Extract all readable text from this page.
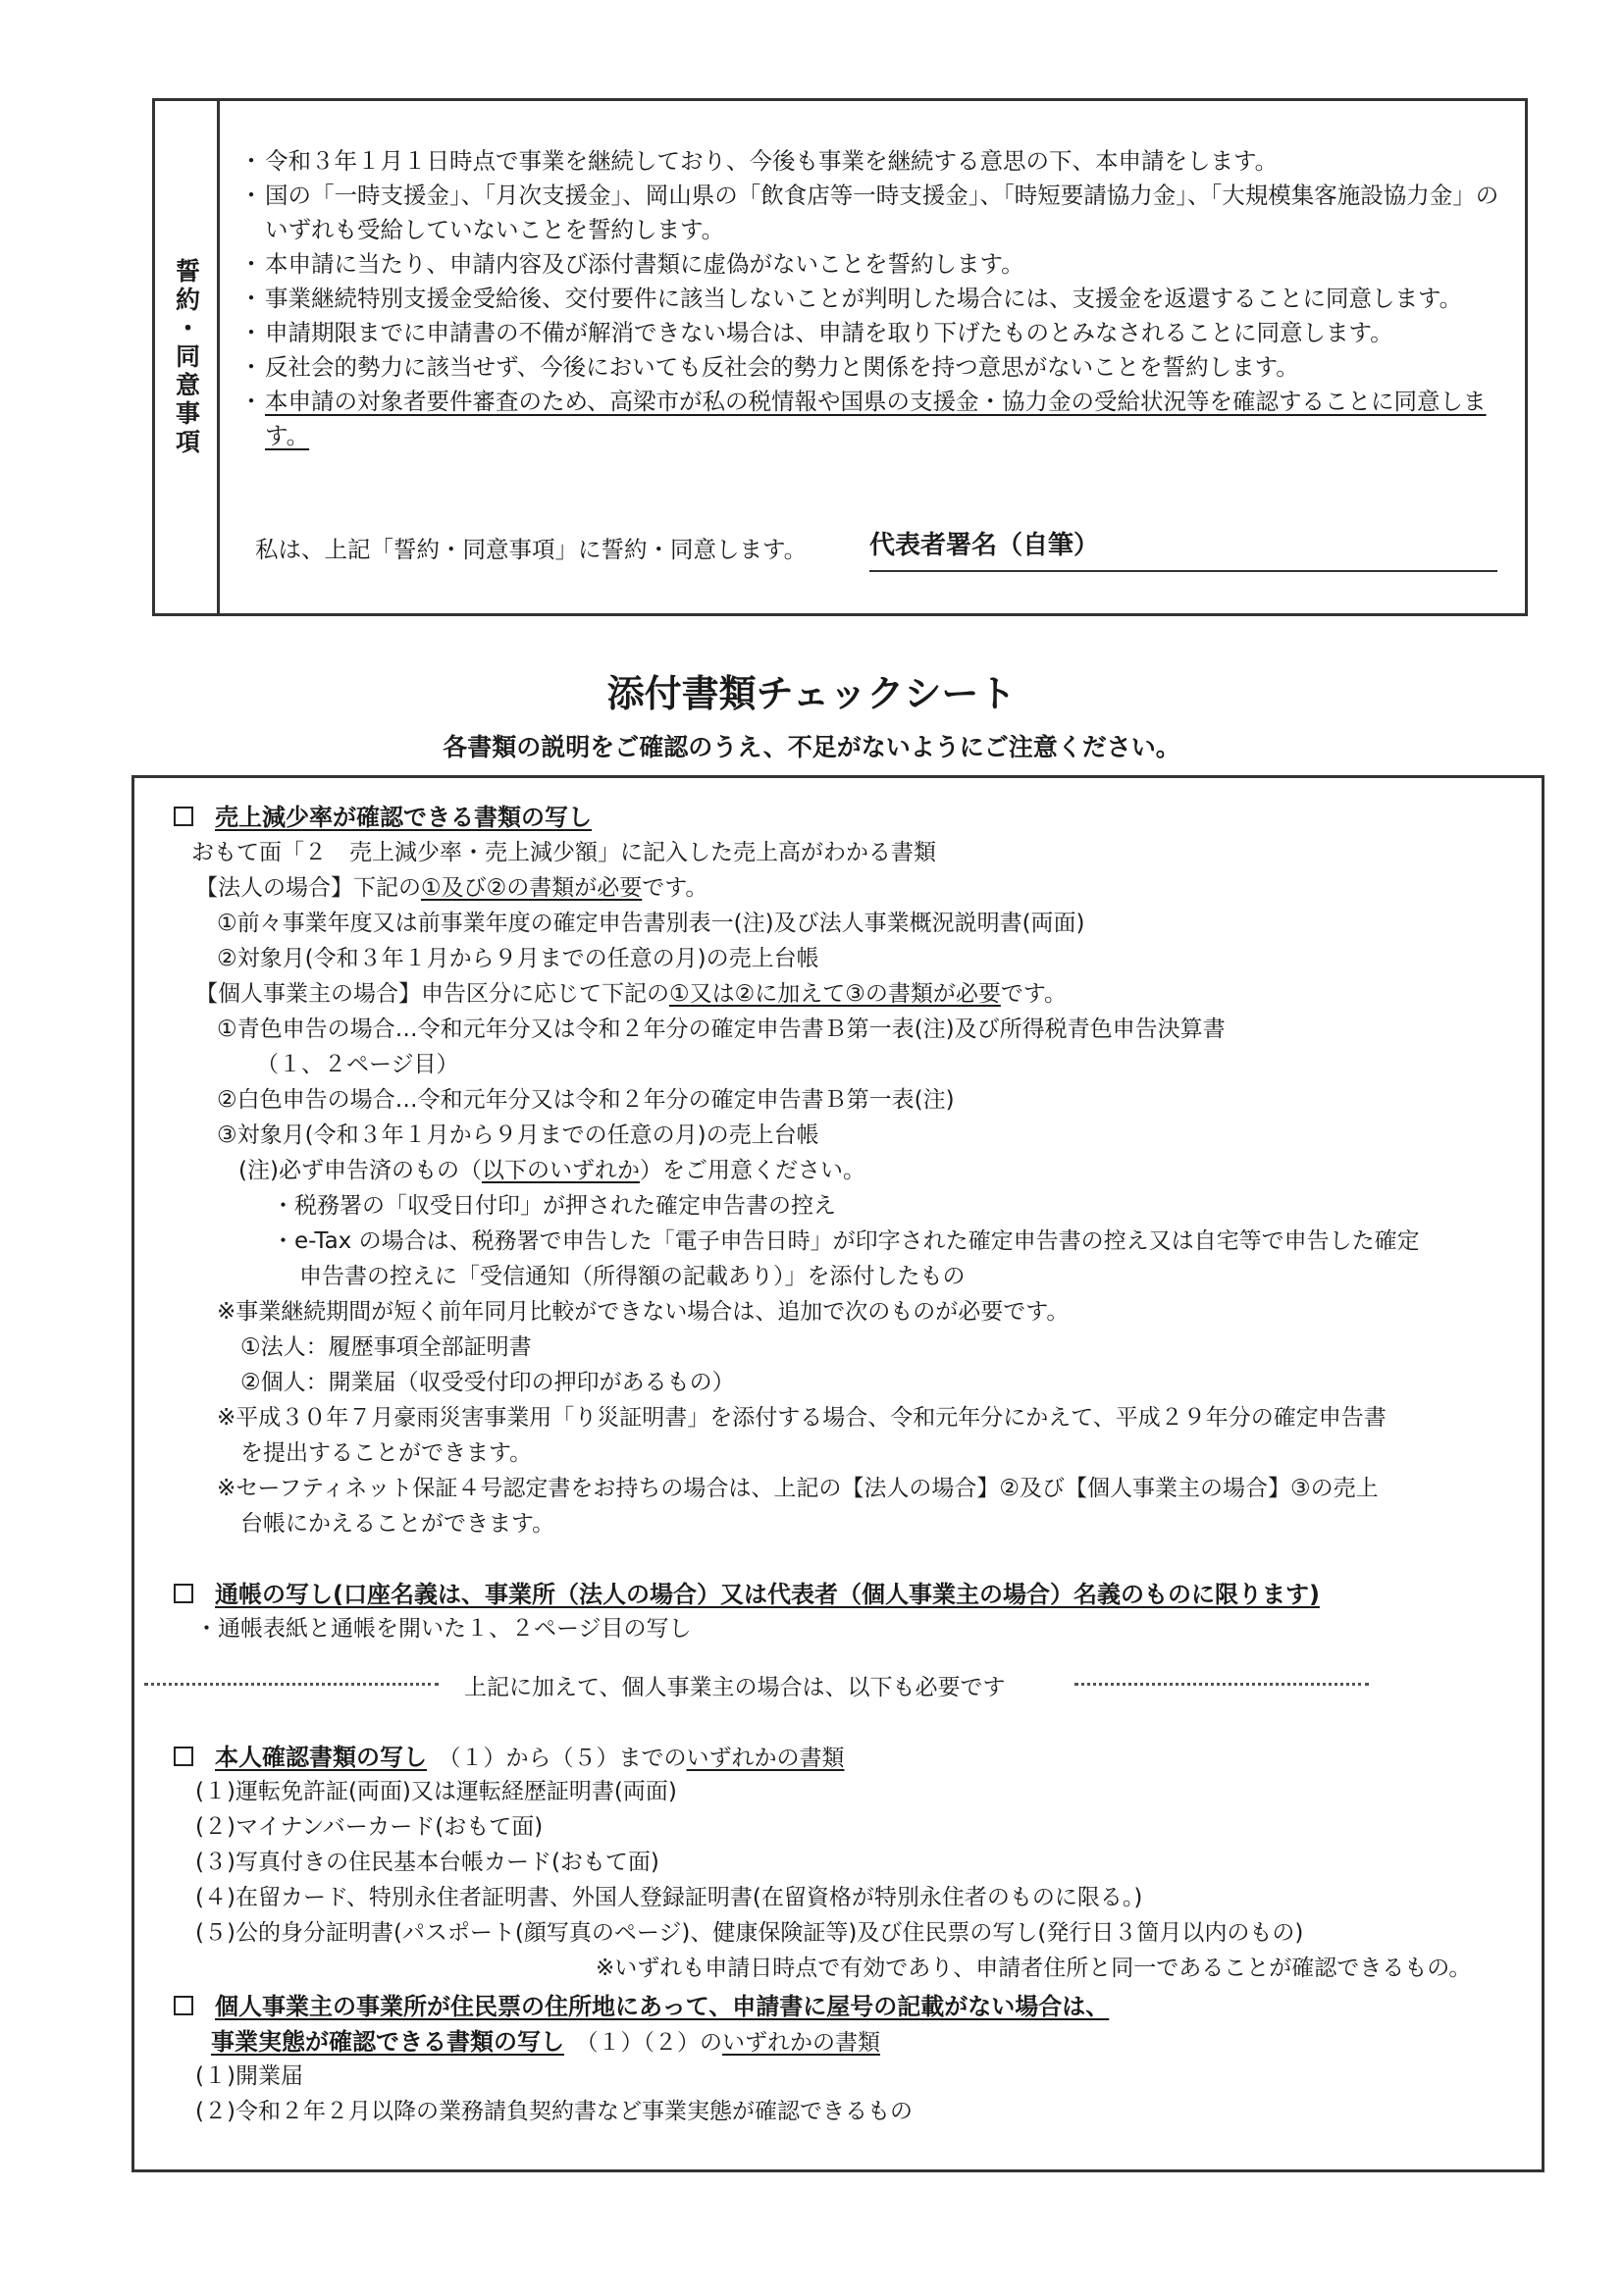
誓約・同意事項
・令和３年１月１日時点で事業を継続しており、今後も事業を継続する意思の下、本申請をします。
・国の「一時支援金」、「月次支援金」、岡山県の「飲食店等一時支援金」、「時短要請協力金」、「大規模集客施設協力金」のいずれも受給していないことを誓約します。
・本申請に当たり、申請内容及び添付書類に虚偽がないことを誓約します。
・事業継続特別支援金受給後、交付要件に該当しないことが判明した場合には、支援金を返還することに同意します。
・申請期限までに申請書の不備が解消できない場合は、申請を取り下げたものとみなされることに同意します。
・反社会的勢力に該当せず、今後においても反社会的勢力と関係を持つ意思がないことを誓約します。
・本申請の対象者要件審査のため、高梁市が私の税情報や国県の支援金・協力金の受給状況等を確認することに同意します。
私は、上記「誓約・同意事項」に誓約・同意します。 代表者署名（自筆）
添付書類チェックシート
各書類の説明をご確認のうえ、不足がないようにご注意ください。
売上減少率が確認できる書類の写し
おもて面「２　売上減少率・売上減少額」に記入した売上高がわかる書類
【法人の場合】下記の①及び②の書類が必要です。
①前々事業年度又は前事業年度の確定申告書別表一(注)及び法人事業概況説明書(両面)
②対象月(令和３年１月から９月までの任意の月)の売上台帳
【個人事業主の場合】申告区分に応じて下記の①又は②に加えて③の書類が必要です。
①青色申告の場合…令和元年分又は令和２年分の確定申告書Ｂ第一表(注)及び所得税青色申告決算書
（１、２ページ目）
②白色申告の場合…令和元年分又は令和２年分の確定申告書Ｂ第一表(注)
③対象月(令和３年１月から９月までの任意の月)の売上台帳
(注)必ず申告済のもの（以下のいずれか）をご用意ください。
・税務署の「収受日付印」が押された確定申告書の控え
・e-Tax の場合は、税務署で申告した「電子申告日時」が印字された確定申告書の控え又は自宅等で申告した確定
申告書の控えに「受信通知（所得額の記載あり）」を添付したもの
※事業継続期間が短く前年同月比較ができない場合は、追加で次のものが必要です。
①法人：履歴事項全部証明書
②個人：開業届（収受受付印の押印があるもの）
※平成３０年７月豪雨災害事業用「り災証明書」を添付する場合、令和元年分にかえて、平成２９年分の確定申告書
を提出することができます。
※セーフティネット保証４号認定書をお持ちの場合は、上記の【法人の場合】②及び【個人事業主の場合】③の売上
台帳にかえることができます。
通帳の写し(口座名義は、事業所（法人の場合）又は代表者（個人事業主の場合）名義のものに限ります)
・通帳表紙と通帳を開いた１、２ページ目の写し
上記に加えて、個人事業主の場合は、以下も必要です
本人確認書類の写し　 （１）から（５）までのいずれかの書類
(１)運転免許証(両面)又は運転経歴証明書(両面)
(２)マイナンバーカード(おもて面)
(３)写真付きの住民基本台帳カード(おもて面)
(４)在留カード、特別永住者証明書、外国人登録証明書(在留資格が特別永住者のものに限る。)
(５)公的身分証明書(パスポート(顔写真のページ)、健康保険証等)及び住民票の写し(発行日３箇月以内のもの)
※いずれも申請日時点で有効であり、申請者住所と同一であることが確認できるもの。
個人事業主の事業所が住民票の住所地にあって、申請書に屋号の記載がない場合は、
事業実態が確認できる書類の写し　 （１）（２）のいずれかの書類
(１)開業届
(２)令和２年２月以降の業務請負契約書など事業実態が確認できるもの
